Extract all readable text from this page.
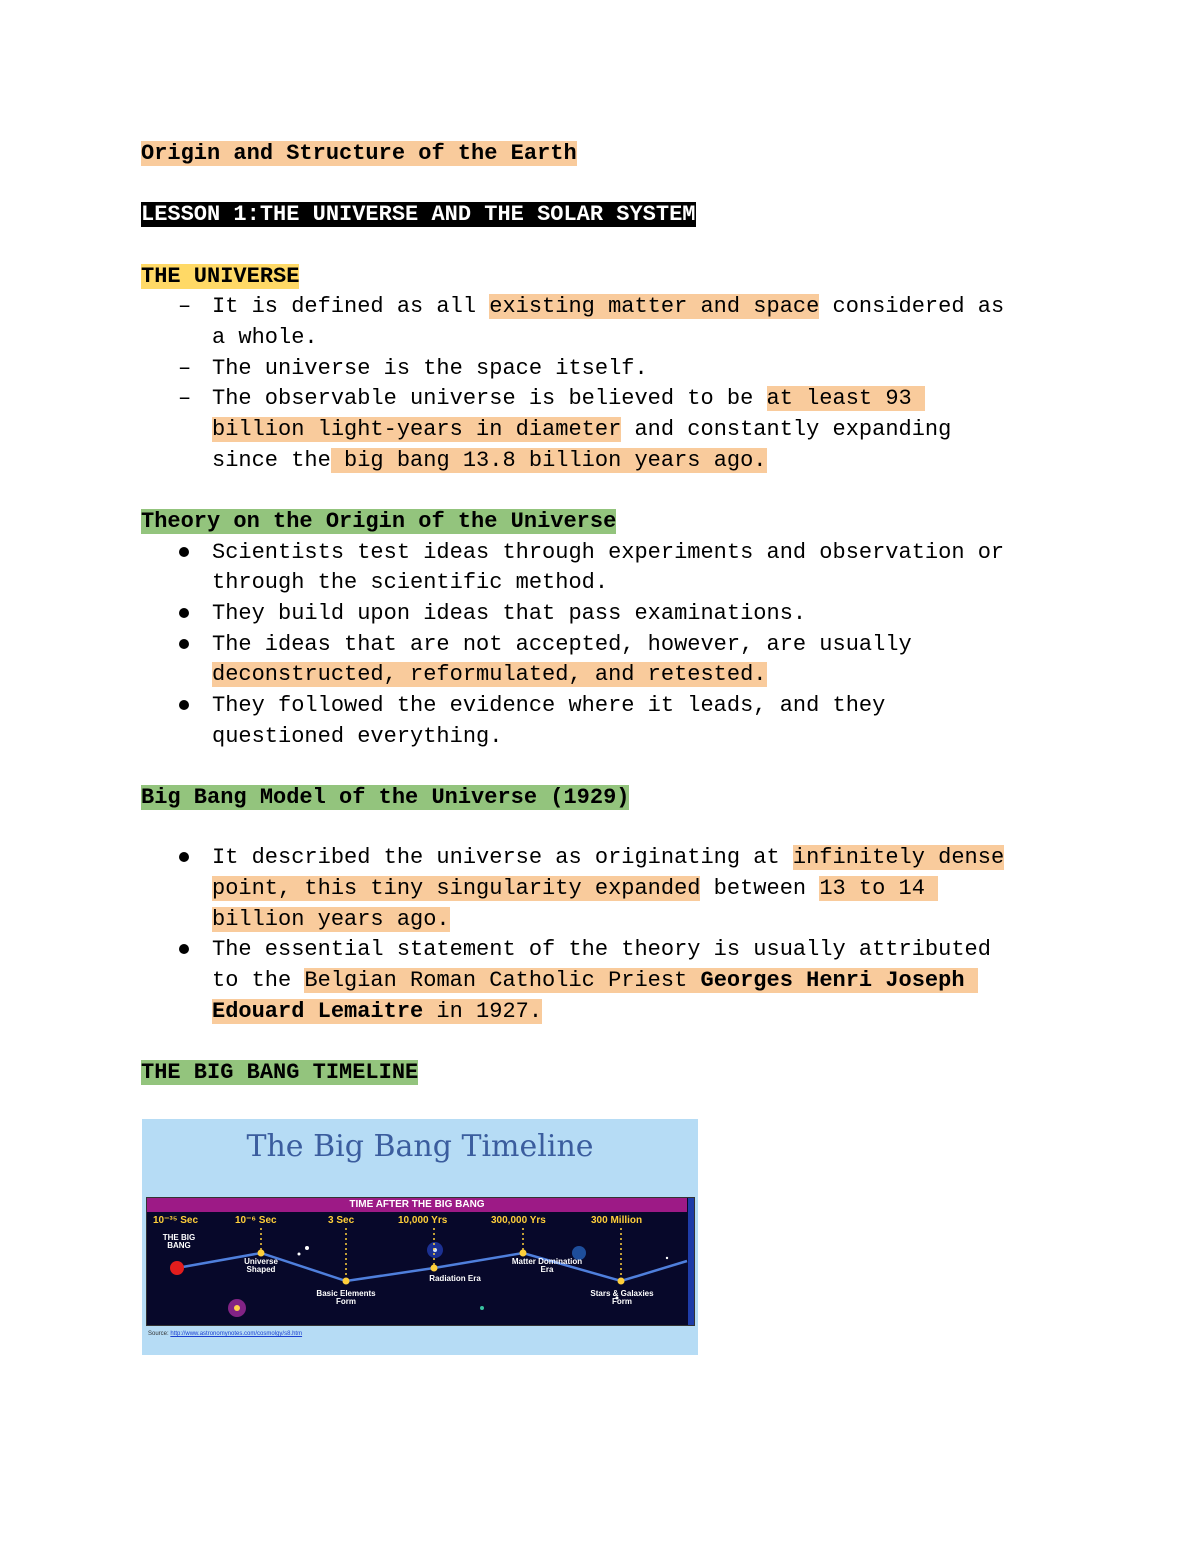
Origin and Structure of the Earth
LESSON 1:THE UNIVERSE AND THE SOLAR SYSTEM
THE UNIVERSE
– It is defined as all existing matter and space considered as
a whole.
– The universe is the space itself.
– The observable universe is believed to be at least 93
billion light-years in diameter and constantly expanding
since the big bang 13.8 billion years ago.
Theory on the Origin of the Universe
Scientists test ideas through experiments and observation or
through the scientific method.
They build upon ideas that pass examinations.
The ideas that are not accepted, however, are usually
deconstructed, reformulated, and retested.
They followed the evidence where it leads, and they
questioned everything.
Big Bang Model of the Universe (1929)
It described the universe as originating at infinitely dense
point, this tiny singularity expanded between 13 to 14
billion years ago.
The essential statement of the theory is usually attributed
to the Belgian Roman Catholic Priest Georges Henri Joseph
Edouard Lemaitre in 1927.
THE BIG BANG TIMELINE
The Big Bang Timeline
TIME AFTER THE BIG BANG
10⁻³⁵ Sec	10⁻⁶ Sec	3 Sec	10,000 Yrs	300,000 Yrs	300 Million
THE BIG BANG
Universe Shaped
Basic Elements Form
Radiation Era
Matter Domination Era
Stars & Galaxies Form
Source: http://www.astronomynotes.com/cosmolgy/s8.htm
